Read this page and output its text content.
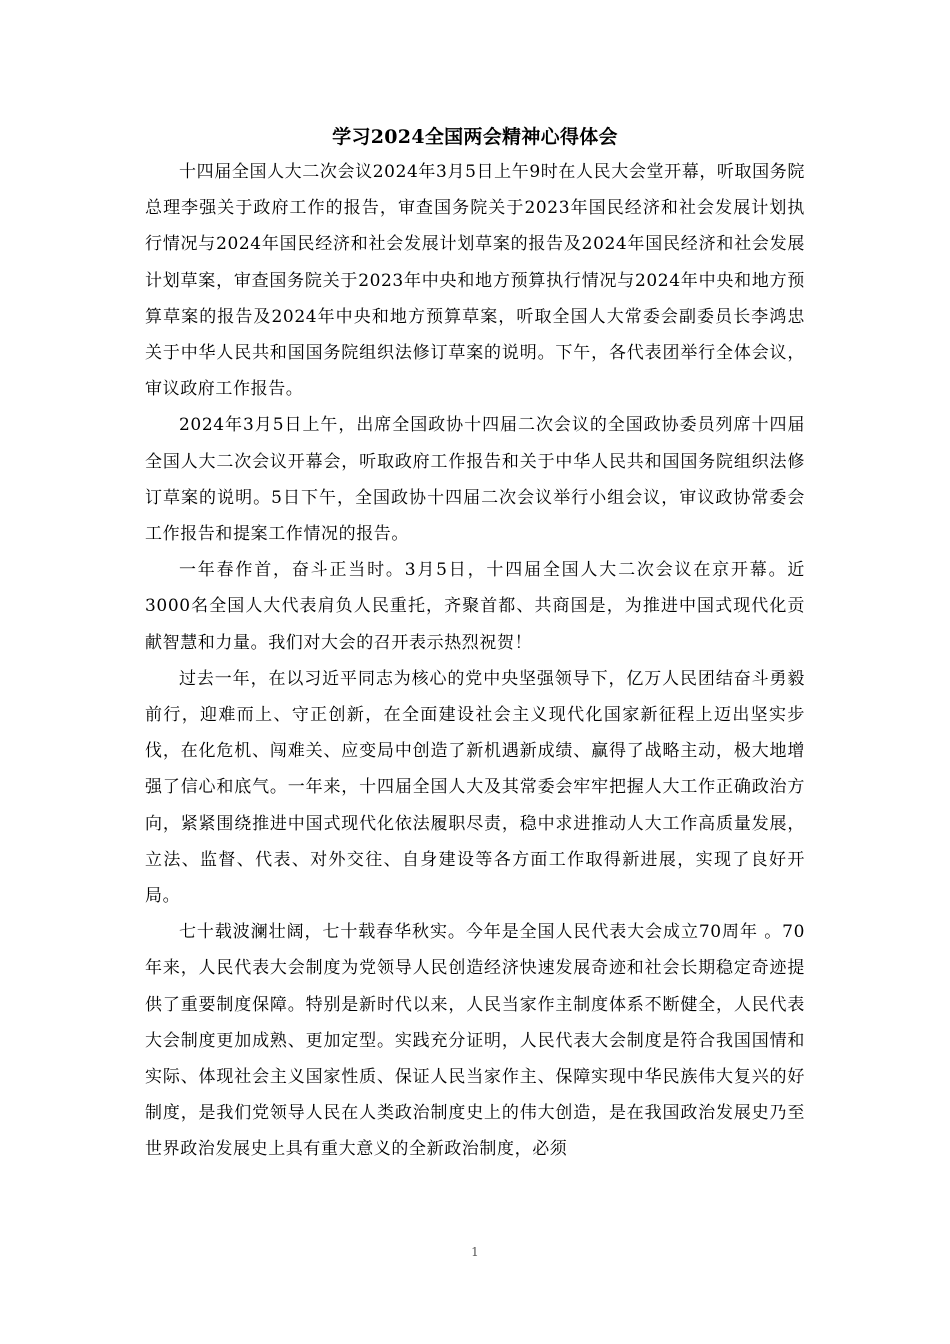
学习2024全国两会精神心得体会

十四届全国人大二次会议2024年3月5日上午9时在人民大会堂开幕，听取国务院总理李强关于政府工作的报告，审查国务院关于2023年国民经济和社会发展计划执行情况与2024年国民经济和社会发展计划草案的报告及2024年国民经济和社会发展计划草案，审查国务院关于2023年中央和地方预算执行情况与2024年中央和地方预算草案的报告及2024年中央和地方预算草案，听取全国人大常委会副委员长李鸿忠关于中华人民共和国国务院组织法修订草案的说明。下午，各代表团举行全体会议，审议政府工作报告。

2024年3月5日上午，出席全国政协十四届二次会议的全国政协委员列席十四届全国人大二次会议开幕会，听取政府工作报告和关于中华人民共和国国务院组织法修订草案的说明。5日下午，全国政协十四届二次会议举行小组会议，审议政协常委会工作报告和提案工作情况的报告。

一年春作首，奋斗正当时。3月5日，十四届全国人大二次会议在京开幕。近3000名全国人大代表肩负人民重托，齐聚首都、共商国是，为推进中国式现代化贡献智慧和力量。我们对大会的召开表示热烈祝贺！

过去一年，在以习近平同志为核心的党中央坚强领导下，亿万人民团结奋斗勇毅前行，迎难而上、守正创新，在全面建设社会主义现代化国家新征程上迈出坚实步伐，在化危机、闯难关、应变局中创造了新机遇新成绩、赢得了战略主动，极大地增强了信心和底气。一年来，十四届全国人大及其常委会牢牢把握人大工作正确政治方向，紧紧围绕推进中国式现代化依法履职尽责，稳中求进推动人大工作高质量发展，立法、监督、代表、对外交往、自身建设等各方面工作取得新进展，实现了良好开局。

七十载波澜壮阔，七十载春华秋实。今年是全国人民代表大会成立70周年 。70年来，人民代表大会制度为党领导人民创造经济快速发展奇迹和社会长期稳定奇迹提供了重要制度保障。特别是新时代以来，人民当家作主制度体系不断健全，人民代表大会制度更加成熟、更加定型。实践充分证明，人民代表大会制度是符合我国国情和实际、体现社会主义国家性质、保证人民当家作主、保障实现中华民族伟大复兴的好制度，是我们党领导人民在人类政治制度史上的伟大创造，是在我国政治发展史乃至世界政治发展史上具有重大意义的全新政治制度，必须

1
